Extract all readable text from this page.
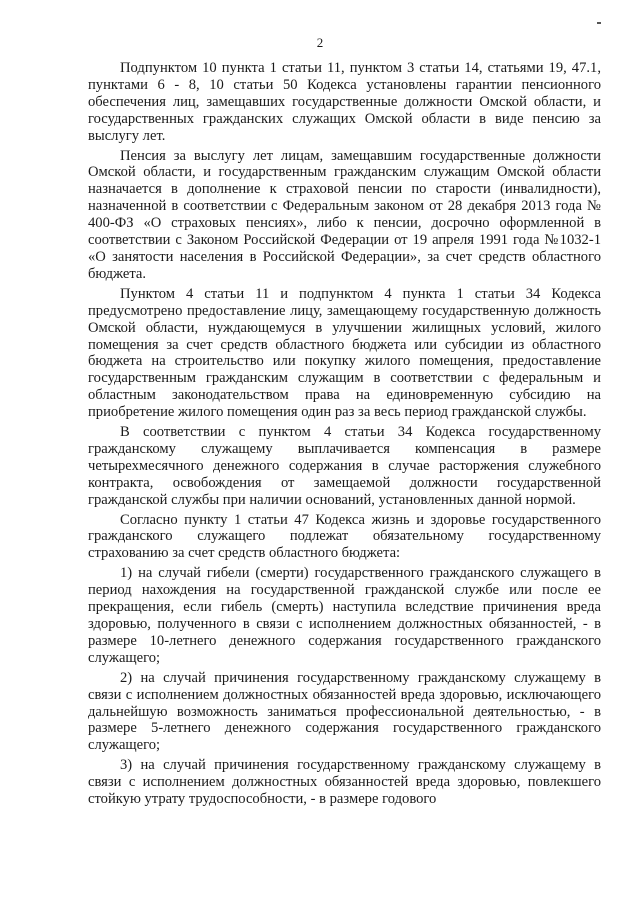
2

Подпунктом 10 пункта 1 статьи 11, пунктом 3 статьи 14, статьями 19, 47.1, пунктами 6 - 8, 10 статьи 50 Кодекса установлены гарантии пенсионного обеспечения лиц, замещавших государственные должности Омской области, и государственных гражданских служащих Омской области в виде пенсию за выслугу лет.

Пенсия за выслугу лет лицам, замещавшим государственные должности Омской области, и государственным гражданским служащим Омской области назначается в дополнение к страховой пенсии по старости (инвалидности), назначенной в соответствии с Федеральным законом от 28 декабря 2013 года № 400-ФЗ «О страховых пенсиях», либо к пенсии, досрочно оформленной в соответствии с Законом Российской Федерации от 19 апреля 1991 года №1032-1 «О занятости населения в Российской Федерации», за счет средств областного бюджета.

Пунктом 4 статьи 11 и подпунктом 4 пункта 1 статьи 34 Кодекса предусмотрено предоставление лицу, замещающему государственную должность Омской области, нуждающемуся в улучшении жилищных условий, жилого помещения за счет средств областного бюджета или субсидии из областного бюджета на строительство или покупку жилого помещения, предоставление государственным гражданским служащим в соответствии с федеральным и областным законодательством права на единовременную субсидию на приобретение жилого помещения один раз за весь период гражданской службы.

В соответствии с пунктом 4 статьи 34 Кодекса государственному гражданскому служащему выплачивается компенсация в размере четырехмесячного денежного содержания в случае расторжения служебного контракта, освобождения от замещаемой должности государственной гражданской службы при наличии оснований, установленных данной нормой.

Согласно пункту 1 статьи 47 Кодекса жизнь и здоровье государственного гражданского служащего подлежат обязательному государственному страхованию за счет средств областного бюджета:

1) на случай гибели (смерти) государственного гражданского служащего в период нахождения на государственной гражданской службе или после ее прекращения, если гибель (смерть) наступила вследствие причинения вреда здоровью, полученного в связи с исполнением должностных обязанностей, - в размере 10-летнего денежного содержания государственного гражданского служащего;

2) на случай причинения государственному гражданскому служащему в связи с исполнением должностных обязанностей вреда здоровью, исключающего дальнейшую возможность заниматься профессиональной деятельностью, - в размере 5-летнего денежного содержания государственного гражданского служащего;

3) на случай причинения государственному гражданскому служащему в связи с исполнением должностных обязанностей вреда здоровью, повлекшего стойкую утрату трудоспособности, - в размере годового
